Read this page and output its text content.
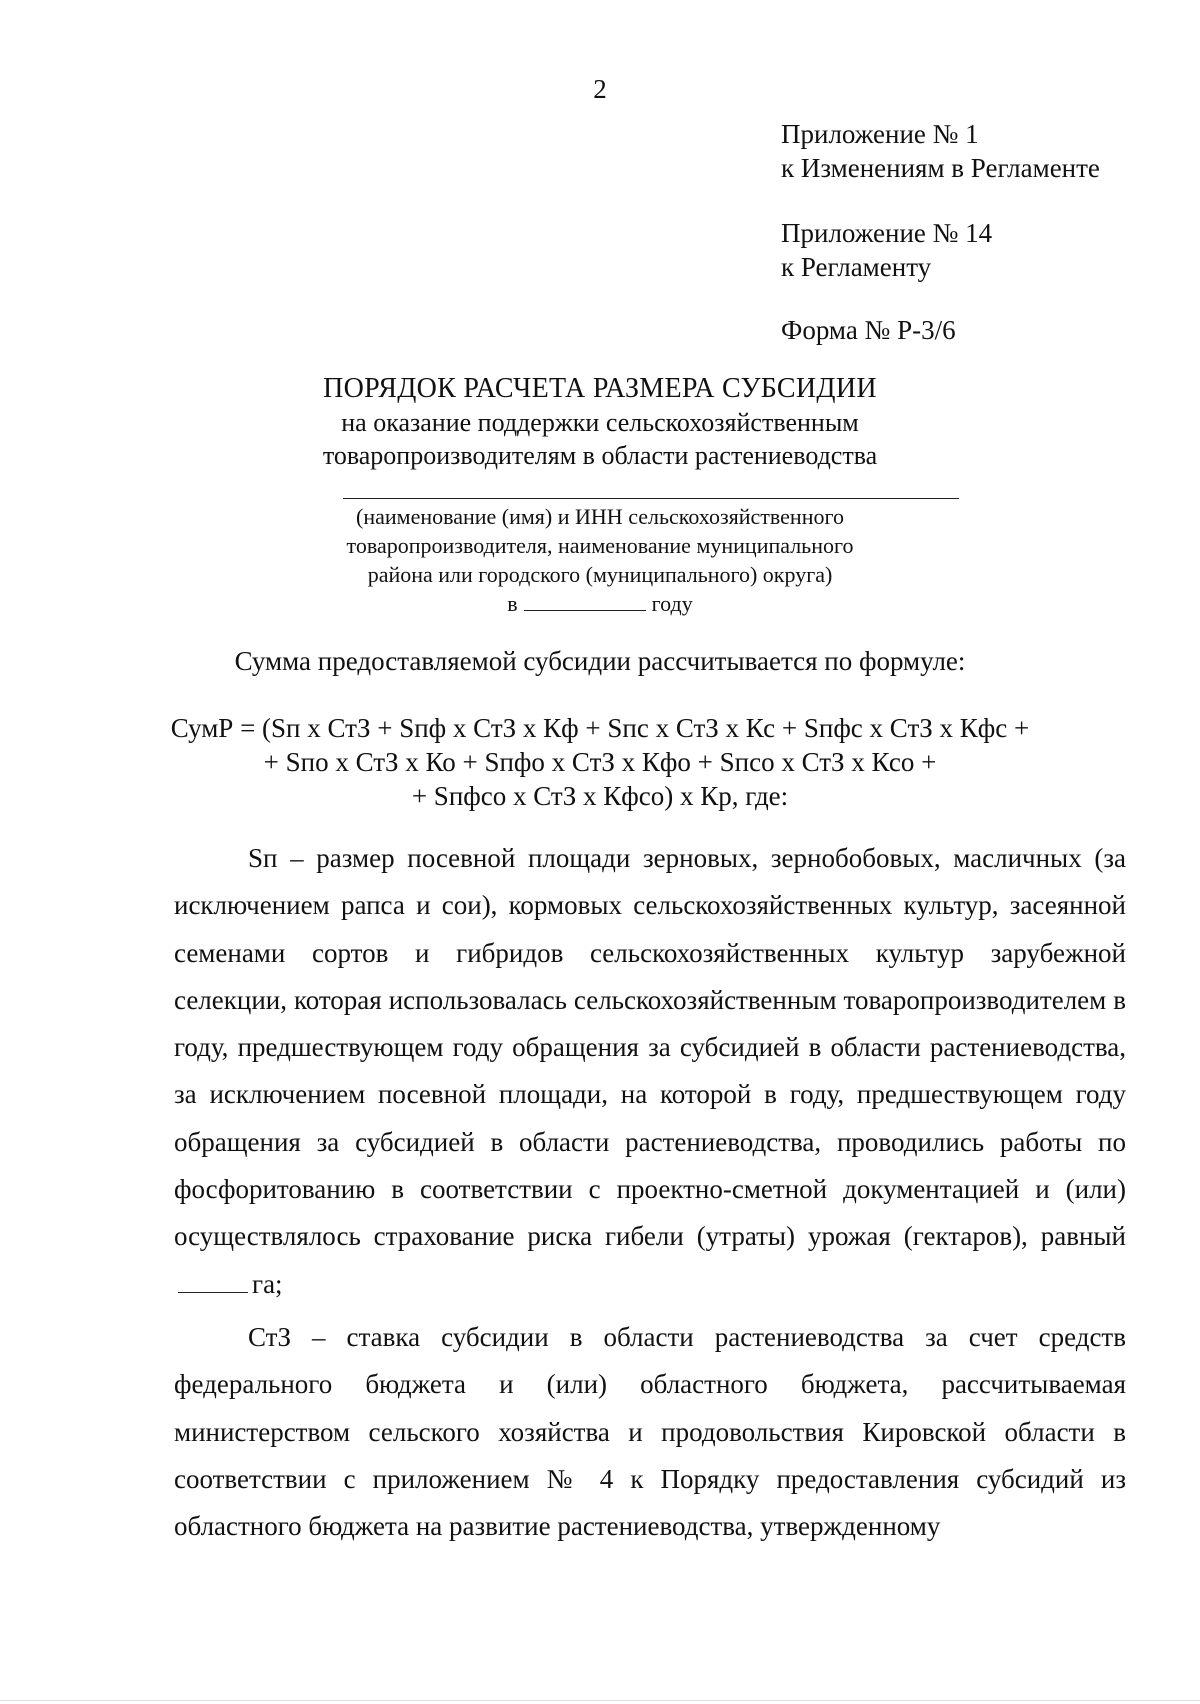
2
Приложение № 1
к Изменениям в Регламенте
Приложение № 14
к Регламенту
Форма № Р-3/6
ПОРЯДОК РАСЧЕТА РАЗМЕРА СУБСИДИИ
на оказание поддержки сельскохозяйственным
товаропроизводителям в области растениеводства
(наименование (имя) и ИНН сельскохозяйственного
товаропроизводителя, наименование муниципального
района или городского (муниципального) округа)
в	году
Сумма предоставляемой субсидии рассчитывается по формуле:
СумР = (Sп х СтЗ + Sпф х СтЗ х Кф + Sпс х СтЗ х Кс + Sпфс х СтЗ х Кфс +
+ Sпо х СтЗ х Ко + Sпфо х СтЗ х Кфо + Sпсо х СтЗ х Ксо +
+ Sпфсо х СтЗ х Кфсо) х Кр, где:

Sп – размер посевной площади зерновых, зернобобовых, масличных (за исключением рапса и сои), кормовых сельскохозяйственных культур, засеянной семенами сортов и гибридов сельскохозяйственных культур зарубежной селекции, которая использовалась сельскохозяйственным товаропроизводителем в году, предшествующем году обращения за субсидией в области растениеводства, за исключением посевной площади, на которой в году, предшествующем году обращения за субсидией в области растениеводства, проводились работы по фосфоритованию в соответствии с проектно-сметной документацией и (или) осуществлялось страхование риска гибели (утраты) урожая (гектаров), равныйга;

СтЗ – ставка субсидии в области растениеводства за счет средств федерального бюджета и (или) областного бюджета, рассчитываемая министерством сельского хозяйства и продовольствия Кировской области в соответствии с приложением № 4 к Порядку предоставления субсидий из областного бюджета на развитие растениеводства, утвержденному
